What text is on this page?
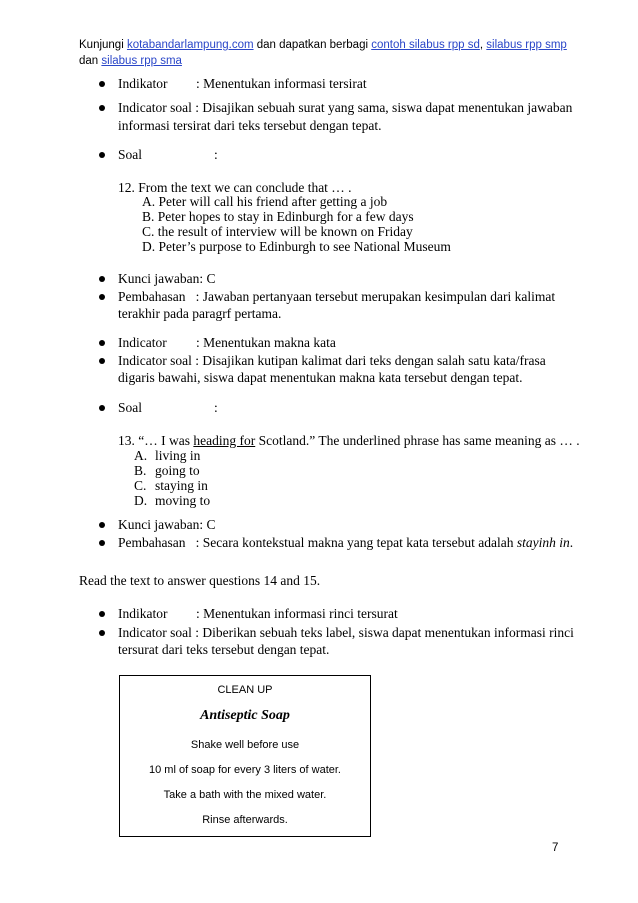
Kunjungi kotabandarlampung.com dan dapatkan berbagi contoh silabus rpp sd, silabus rpp smp dan silabus rpp sma
Indikator : Menentukan informasi tersirat
Indicator soal : Disajikan sebuah surat yang sama, siswa dapat menentukan jawaban
informasi tersirat dari teks tersebut dengan tepat.
Soal	:
12. From the text we can conclude that … .
A. Peter will call his friend after getting a job
B. Peter hopes to stay in Edinburgh for a few days
C. the result of interview will be known on Friday
D. Peter’s purpose to Edinburgh to see National Museum
Kunci jawaban: C
Pembahasan : Jawaban pertanyaan tersebut merupakan kesimpulan dari kalimat
terakhir pada paragrf pertama.
Indicator : Menentukan makna kata
Indicator soal : Disajikan kutipan kalimat dari teks dengan salah satu kata/frasa
digaris bawahi, siswa dapat menentukan makna kata tersebut dengan tepat.
Soal	:
13. “… I was heading for Scotland.” The underlined phrase has same meaning as … .
A. living in
B. going to
C. staying in
D. moving to
Kunci jawaban: C
Pembahasan : Secara kontekstual makna yang tepat kata tersebut adalah stayinh in.
Read the text to answer questions 14 and 15.
Indikator : Menentukan informasi rinci tersurat
Indicator soal : Diberikan sebuah teks label, siswa dapat menentukan informasi rinci
tersurat dari teks tersebut dengan tepat.
CLEAN UP
Antiseptic Soap
Shake well before use
10 ml of soap for every 3 liters of water.
Take a bath with the mixed water.
Rinse afterwards.
7
